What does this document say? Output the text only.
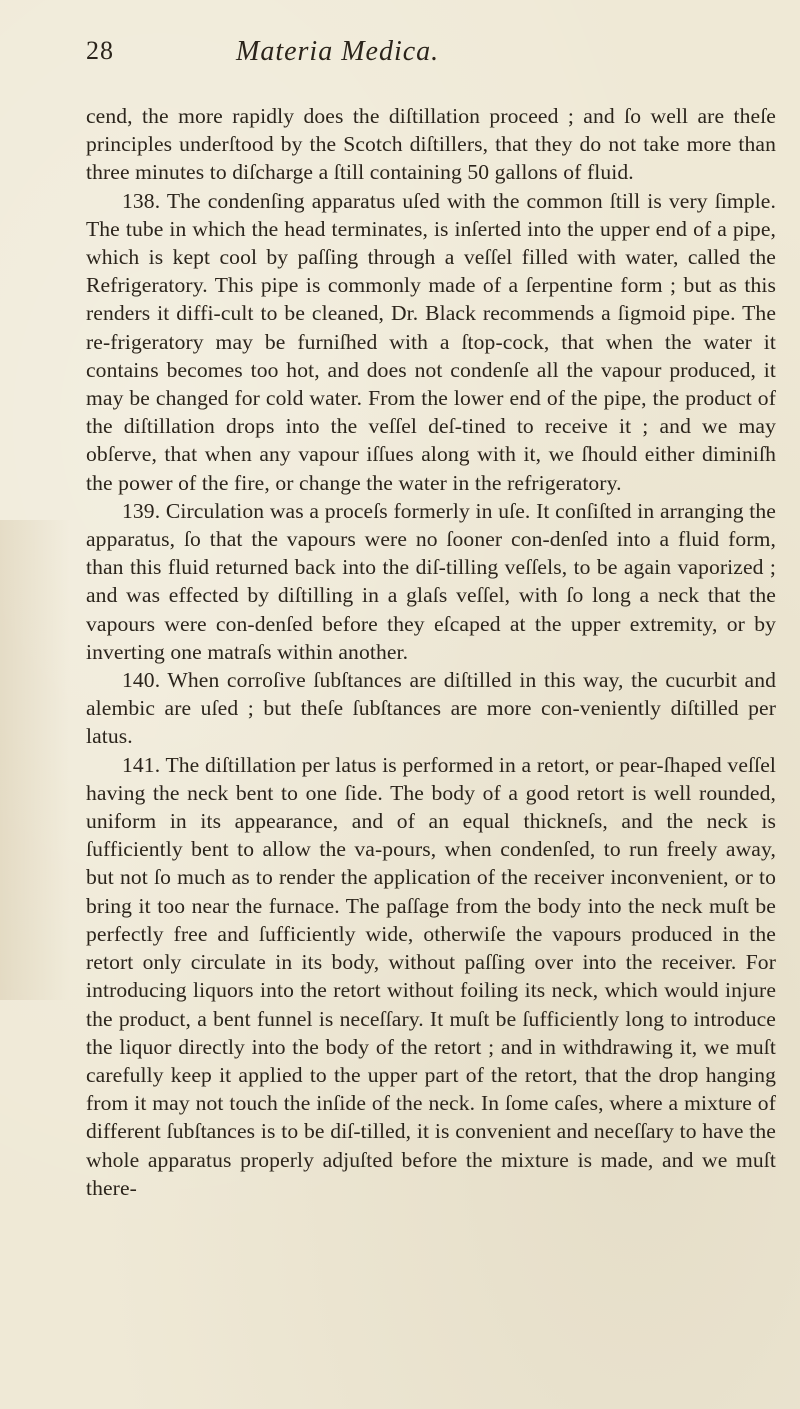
28	Materia Medica.

cend, the more rapidly does the diſtillation proceed ; and ſo well are theſe principles underſtood by the Scotch diſtillers, that they do not take more than three minutes to diſcharge a ſtill containing 50 gallons of fluid.

138. The condenſing apparatus uſed with the common ſtill is very ſimple. The tube in which the head terminates, is inſerted into the upper end of a pipe, which is kept cool by paſſing through a veſſel filled with water, called the Refrigeratory. This pipe is commonly made of a ſerpentine form ; but as this renders it diffi-cult to be cleaned, Dr. Black recommends a ſigmoid pipe. The re-frigeratory may be furniſhed with a ſtop-cock, that when the water it contains becomes too hot, and does not condenſe all the vapour produced, it may be changed for cold water. From the lower end of the pipe, the product of the diſtillation drops into the veſſel deſ-tined to receive it ; and we may obſerve, that when any vapour iſſues along with it, we ſhould either diminiſh the power of the fire, or change the water in the refrigeratory.

139. Circulation was a proceſs formerly in uſe. It conſiſted in arranging the apparatus, ſo that the vapours were no ſooner con-denſed into a fluid form, than this fluid returned back into the diſ-tilling veſſels, to be again vaporized ; and was effected by diſtilling in a glaſs veſſel, with ſo long a neck that the vapours were con-denſed before they eſcaped at the upper extremity, or by inverting one matraſs within another.

140. When corroſive ſubſtances are diſtilled in this way, the cucurbit and alembic are uſed ; but theſe ſubſtances are more con-veniently diſtilled per latus.

141. The diſtillation per latus is performed in a retort, or pear-ſhaped veſſel having the neck bent to one ſide. The body of a good retort is well rounded, uniform in its appearance, and of an equal thickneſs, and the neck is ſufficiently bent to allow the va-pours, when condenſed, to run freely away, but not ſo much as to render the application of the receiver inconvenient, or to bring it too near the furnace. The paſſage from the body into the neck muſt be perfectly free and ſufficiently wide, otherwiſe the vapours produced in the retort only circulate in its body, without paſſing over into the receiver. For introducing liquors into the retort without foiling its neck, which would injure the product, a bent funnel is neceſſary. It muſt be ſufficiently long to introduce the liquor directly into the body of the retort ; and in withdrawing it, we muſt carefully keep it applied to the upper part of the retort, that the drop hanging from it may not touch the inſide of the neck. In ſome caſes, where a mixture of different ſubſtances is to be diſ-tilled, it is convenient and neceſſary to have the whole apparatus properly adjuſted before the mixture is made, and we muſt there-
